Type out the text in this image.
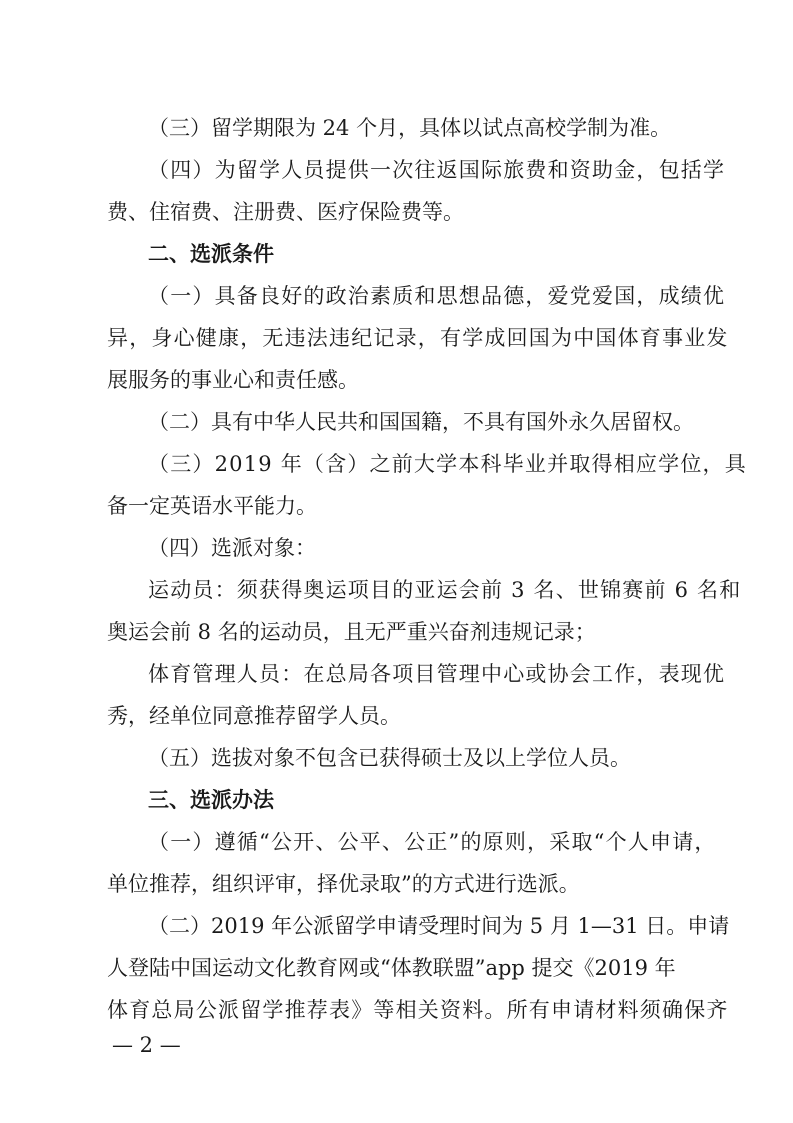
（三）留学期限为 24 个月，具体以试点高校学制为准。
（四）为留学人员提供一次往返国际旅费和资助金，包括学
费、住宿费、注册费、医疗保险费等。
二、选派条件
（一）具备良好的政治素质和思想品德，爱党爱国，成绩优
异，身心健康，无违法违纪记录，有学成回国为中国体育事业发
展服务的事业心和责任感。
（二）具有中华人民共和国国籍，不具有国外永久居留权。
（三）2019 年（含）之前大学本科毕业并取得相应学位，具
备一定英语水平能力。
（四）选派对象：
运动员：须获得奥运项目的亚运会前 3 名、世锦赛前 6 名和
奥运会前 8 名的运动员，且无严重兴奋剂违规记录；
体育管理人员：在总局各项目管理中心或协会工作，表现优
秀，经单位同意推荐留学人员。
（五）选拔对象不包含已获得硕士及以上学位人员。
三、选派办法
（一）遵循“公开、公平、公正”的原则，采取“个人申请，
单位推荐，组织评审，择优录取”的方式进行选派。
（二）2019 年公派留学申请受理时间为 5 月 1—31 日。申请
人登陆中国运动文化教育网或“体教联盟”app 提交《2019 年
体育总局公派留学推荐表》等相关资料。所有申请材料须确保齐
— 2 —
